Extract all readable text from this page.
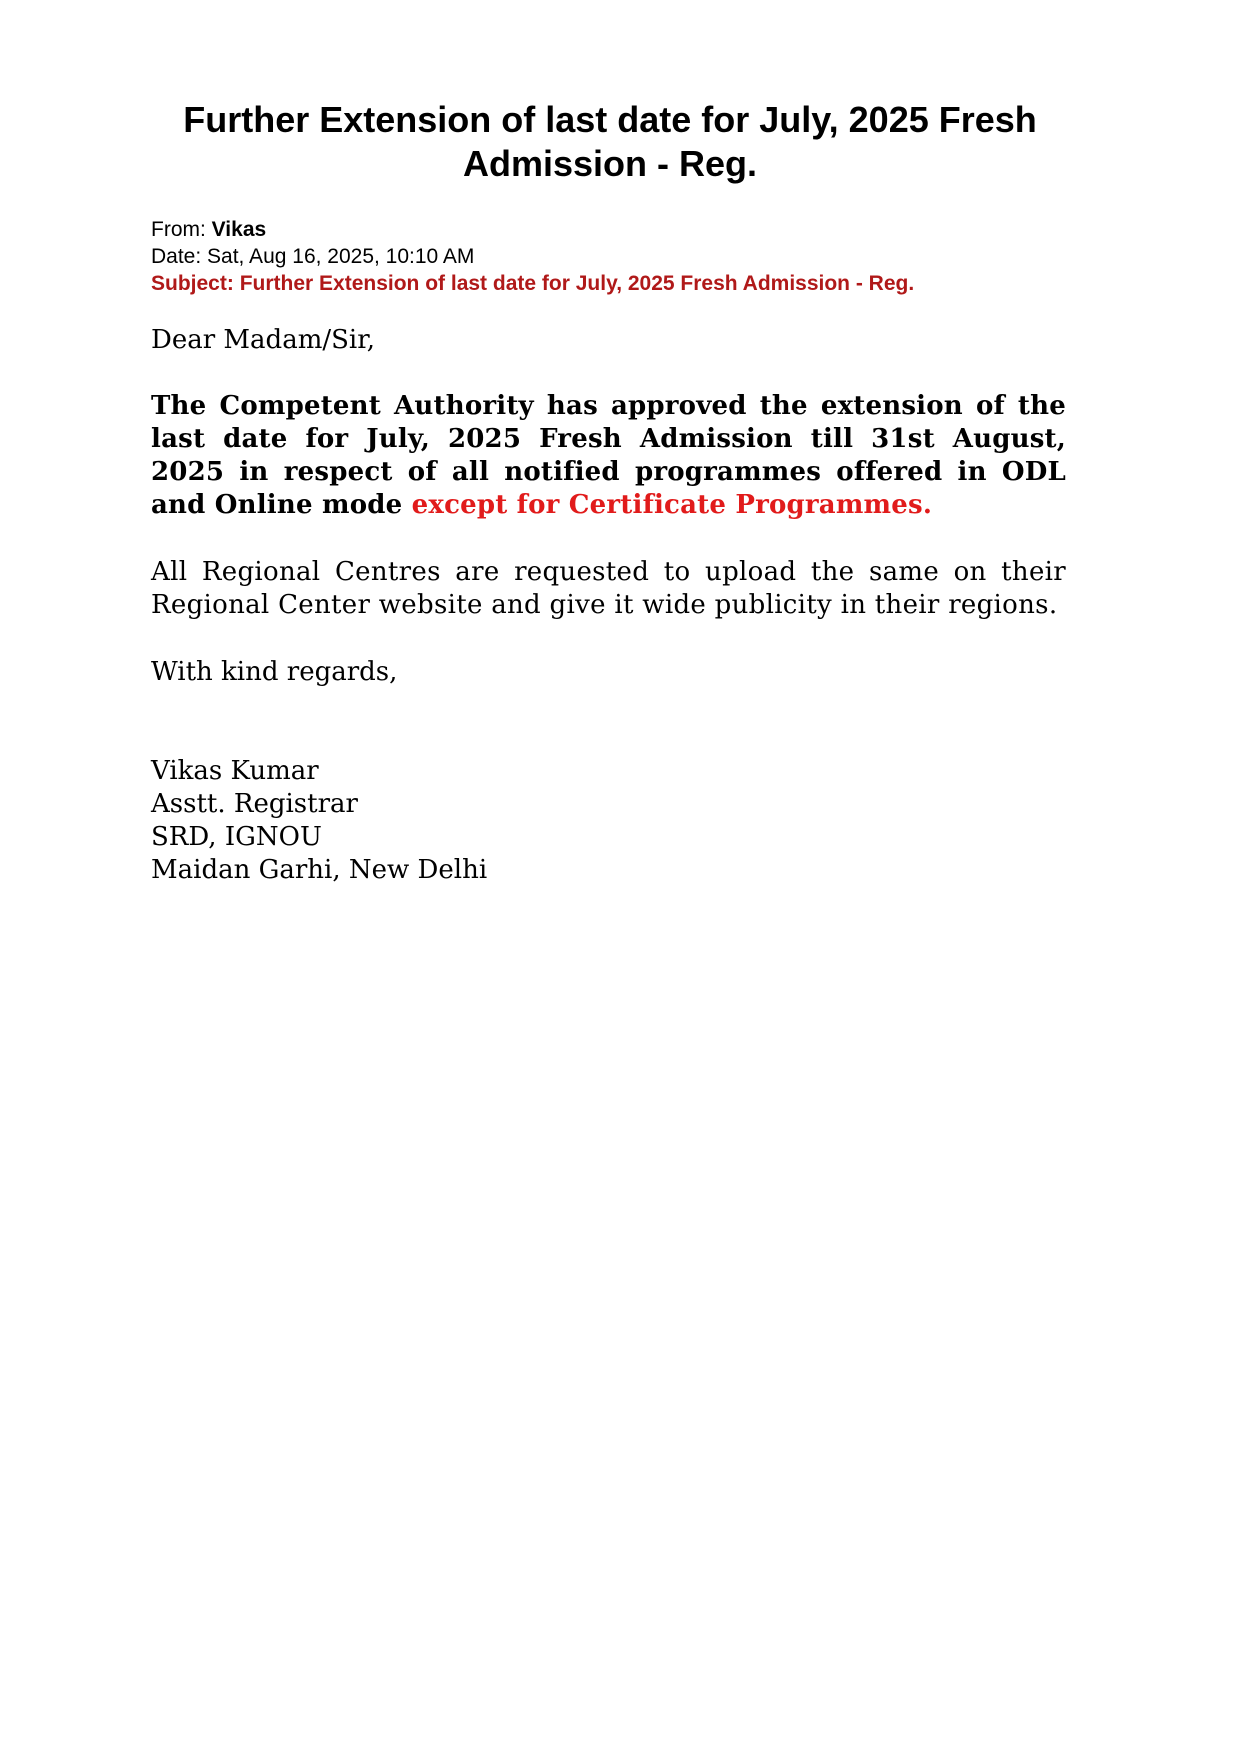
Further Extension of last date for July, 2025 Fresh Admission - Reg.
From: Vikas
Date: Sat, Aug 16, 2025, 10:10 AM
Subject: Further Extension of last date for July, 2025 Fresh Admission - Reg.

Dear Madam/Sir,

The Competent Authority has approved the extension of the last date for July, 2025 Fresh Admission till 31st August, 2025 in respect of all notified programmes offered in ODL and Online mode except for Certificate Programmes.

All Regional Centres are requested to upload the same on their Regional Center website and give it wide publicity in their regions.

With kind regards,

Vikas Kumar
Asstt. Registrar
SRD, IGNOU
Maidan Garhi, New Delhi
